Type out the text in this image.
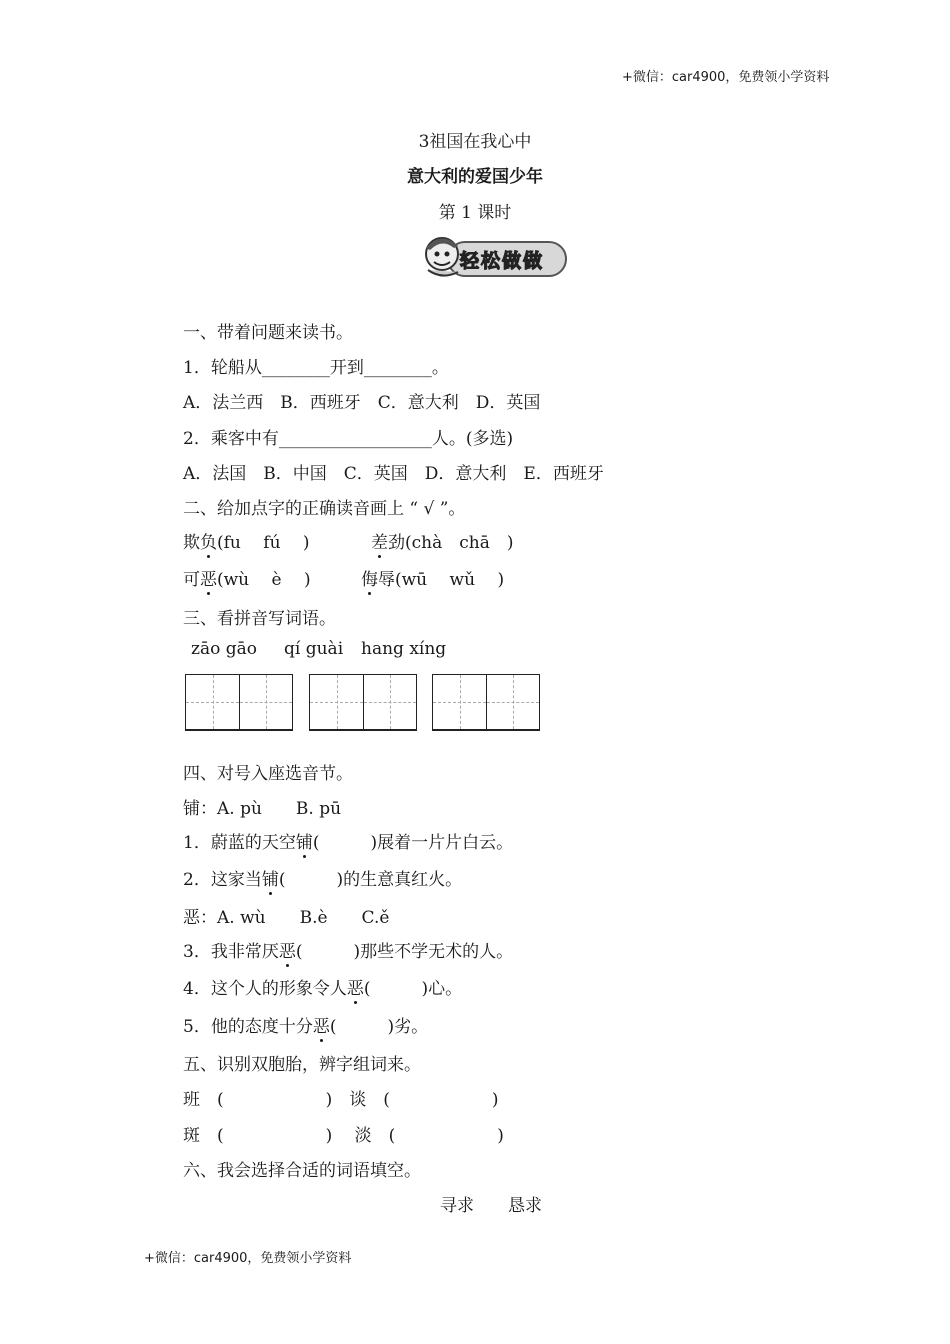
+微信：car4900，免费领小学资料
3祖国在我心中
意大利的爱国少年
第 1 课时
轻松做做
一、带着问题来读书。
1．轮船从________开到________。
A．法兰西　B．西班牙　C．意大利　D．英国
2．乘客中有__________________人。(多选)
A．法国　B．中国　C．英国　D．意大利　E．西班牙
二、给加点字的正确读音画上 “ √ ”。
欺负(fu　 fú　 )	差劲(chà　chā　)
可恶(wù　 è　 )	侮辱(wū　 wǔ　 )
三、看拼音写词语。
zāo gāo qí guài hang xíng
四、对号入座选音节。
铺：A. pù　　B. pū
1．蔚蓝的天空铺(　　　)展着一片片白云。
2．这家当铺(　　　)的生意真红火。
恶：A. wù　　B.è　　C.ě
3．我非常厌恶(　　　)那些不学无术的人。
4．这个人的形象令人恶(　　　)心。
5．他的态度十分恶(　　　)劣。
五、识别双胞胎，辨字组词来。
班　(　　　　　　)　谈　(　　　　　　)
斑　(　　　　　　)　 淡　(　　　　　　)
六、我会选择合适的词语填空。
寻求　　恳求
+微信：car4900，免费领小学资料
